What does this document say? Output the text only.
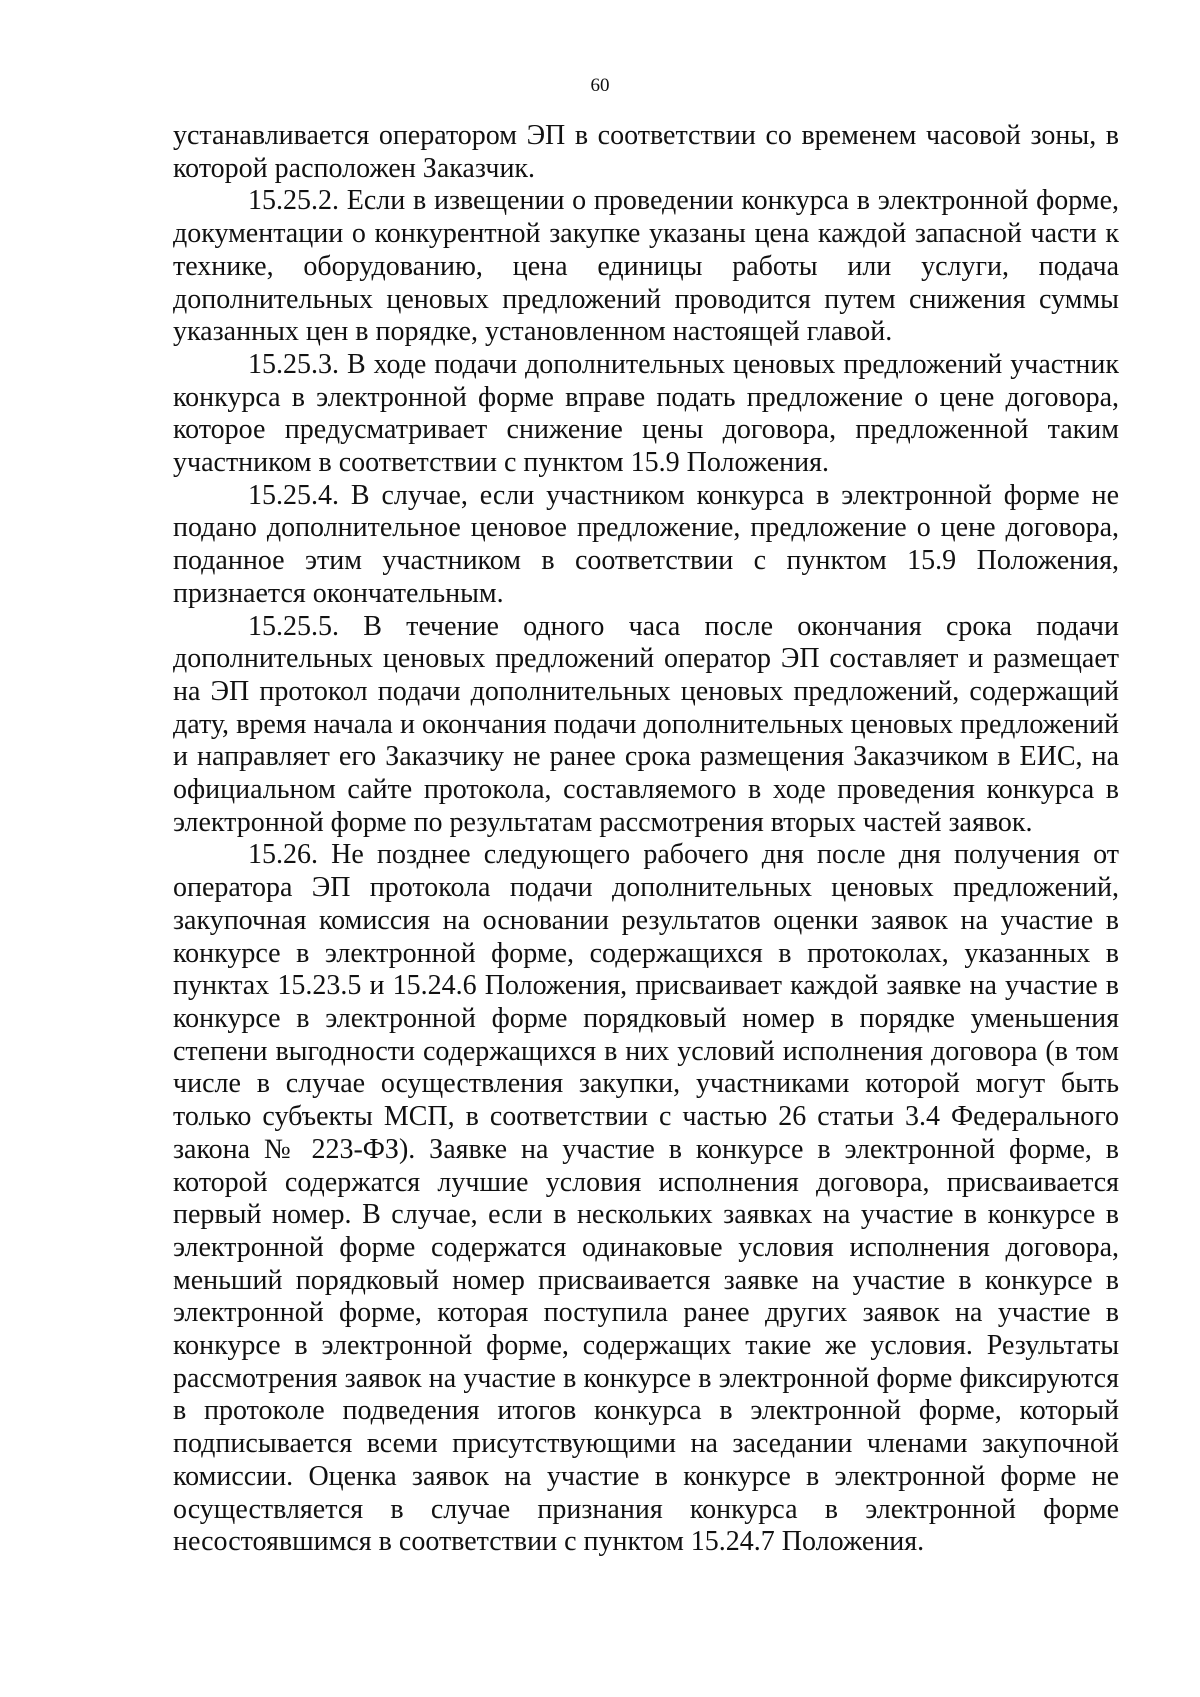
60

устанавливается оператором ЭП в соответствии со временем часовой зоны, в которой расположен Заказчик.

15.25.2. Если в извещении о проведении конкурса в электронной форме, документации о конкурентной закупке указаны цена каждой запасной части к технике, оборудованию, цена единицы работы или услуги, подача дополнительных ценовых предложений проводится путем снижения суммы указанных цен в порядке, установленном настоящей главой.

15.25.3. В ходе подачи дополнительных ценовых предложений участник конкурса в электронной форме вправе подать предложение о цене договора, которое предусматривает снижение цены договора, предложенной таким участником в соответствии с пунктом 15.9 Положения.

15.25.4. В случае, если участником конкурса в электронной форме не подано дополнительное ценовое предложение, предложение о цене договора, поданное этим участником в соответствии с пунктом 15.9 Положения, признается окончательным.

15.25.5. В течение одного часа после окончания срока подачи дополнительных ценовых предложений оператор ЭП составляет и размещает на ЭП протокол подачи дополнительных ценовых предложений, содержащий дату, время начала и окончания подачи дополнительных ценовых предложений и направляет его Заказчику не ранее срока размещения Заказчиком в ЕИС, на официальном сайте протокола, составляемого в ходе проведения конкурса в электронной форме по результатам рассмотрения вторых частей заявок.

15.26. Не позднее следующего рабочего дня после дня получения от оператора ЭП протокола подачи дополнительных ценовых предложений, закупочная комиссия на основании результатов оценки заявок на участие в конкурсе в электронной форме, содержащихся в протоколах, указанных в пунктах 15.23.5 и 15.24.6 Положения, присваивает каждой заявке на участие в конкурсе в электронной форме порядковый номер в порядке уменьшения степени выгодности содержащихся в них условий исполнения договора (в том числе в случае осуществления закупки, участниками которой могут быть только субъекты МСП, в соответствии с частью 26 статьи 3.4 Федерального закона № 223-ФЗ). Заявке на участие в конкурсе в электронной форме, в которой содержатся лучшие условия исполнения договора, присваивается первый номер. В случае, если в нескольких заявках на участие в конкурсе в электронной форме содержатся одинаковые условия исполнения договора, меньший порядковый номер присваивается заявке на участие в конкурсе в электронной форме, которая поступила ранее других заявок на участие в конкурсе в электронной форме, содержащих такие же условия. Результаты рассмотрения заявок на участие в конкурсе в электронной форме фиксируются в протоколе подведения итогов конкурса в электронной форме, который подписывается всеми присутствующими на заседании членами закупочной комиссии. Оценка заявок на участие в конкурсе в электронной форме не осуществляется в случае признания конкурса в электронной форме несостоявшимся в соответствии с пунктом 15.24.7 Положения.
